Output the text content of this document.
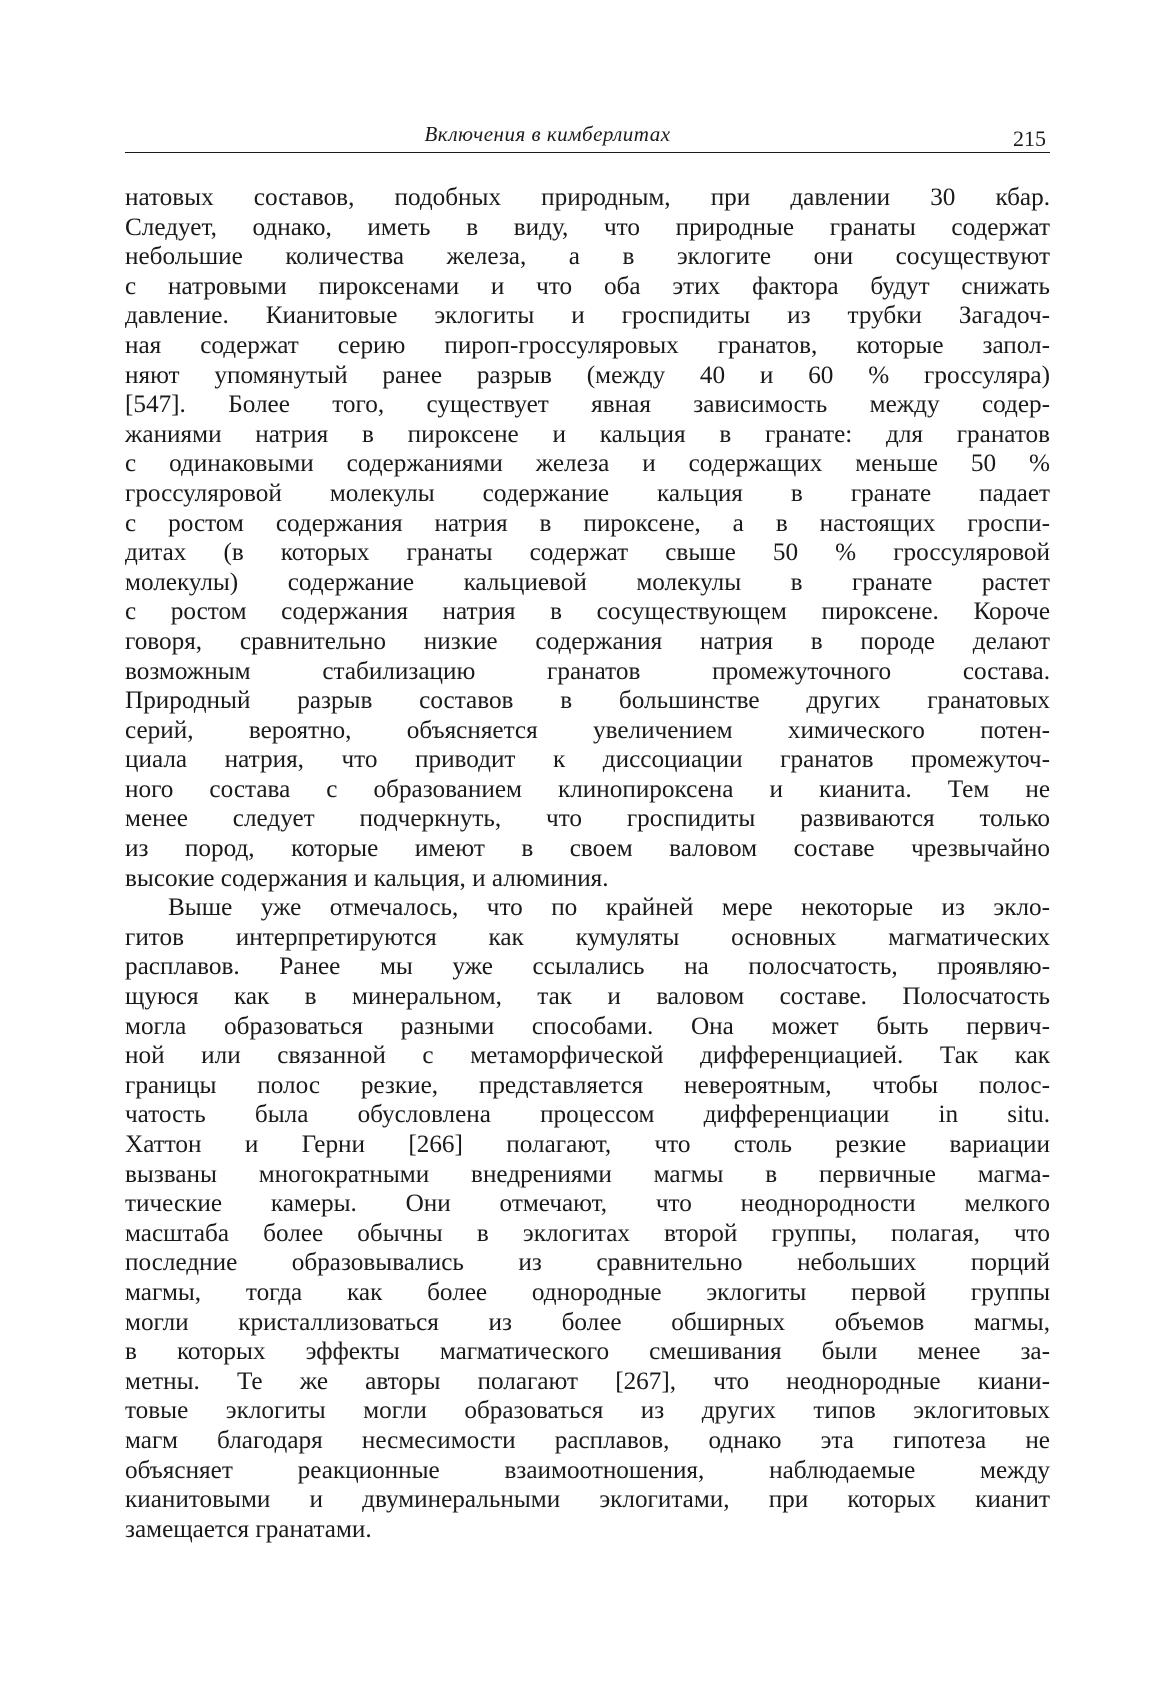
Включения в кимберлитах	215
натовых составов, подобных природным, при давлении 30 кбар.
Следует, однако, иметь в виду, что природные гранаты содержат
небольшие количества железа, а в эклогите они сосуществуют
с натровыми пироксенами и что оба этих фактора будут снижать
давление. Кианитовые эклогиты и гроспидиты из трубки Загадоч-
ная содержат серию пироп-гроссуляровых гранатов, которые запол-
няют упомянутый ранее разрыв (между 40 и 60 % гроссуляра)
[547]. Более того, существует явная зависимость между содер-
жаниями натрия в пироксене и кальция в гранате: для гранатов
с одинаковыми содержаниями железа и содержащих меньше 50 %
гроссуляровой молекулы содержание кальция в гранате падает
с ростом содержания натрия в пироксене, а в настоящих гроспи-
дитах (в которых гранаты содержат свыше 50 % гроссуляровой
молекулы) содержание кальциевой молекулы в гранате растет
с ростом содержания натрия в сосуществующем пироксене. Короче
говоря, сравнительно низкие содержания натрия в породе делают
возможным стабилизацию гранатов промежуточного состава.
Природный разрыв составов в большинстве других гранатовых
серий, вероятно, объясняется увеличением химического потен-
циала натрия, что приводит к диссоциации гранатов промежуточ-
ного состава с образованием клинопироксена и кианита. Тем не
менее следует подчеркнуть, что гроспидиты развиваются только
из пород, которые имеют в своем валовом составе чрезвычайно
высокие содержания и кальция, и алюминия.
Выше уже отмечалось, что по крайней мере некоторые из экло-
гитов интерпретируются как кумуляты основных магматических
расплавов. Ранее мы уже ссылались на полосчатость, проявляю-
щуюся как в минеральном, так и валовом составе. Полосчатость
могла образоваться разными способами. Она может быть первич-
ной или связанной с метаморфической дифференциацией. Так как
границы полос резкие, представляется невероятным, чтобы полос-
чатость была обусловлена процессом дифференциации in situ.
Хаттон и Герни [266] полагают, что столь резкие вариации
вызваны многократными внедрениями магмы в первичные магма-
тические камеры. Они отмечают, что неоднородности мелкого
масштаба более обычны в эклогитах второй группы, полагая, что
последние образовывались из сравнительно небольших порций
магмы, тогда как более однородные эклогиты первой группы
могли кристаллизоваться из более обширных объемов магмы,
в которых эффекты магматического смешивания были менее за-
метны. Те же авторы полагают [267], что неоднородные киани-
товые эклогиты могли образоваться из других типов эклогитовых
магм благодаря несмесимости расплавов, однако эта гипотеза не
объясняет реакционные взаимоотношения, наблюдаемые между
кианитовыми и двуминеральными эклогитами, при которых кианит
замещается гранатами.
